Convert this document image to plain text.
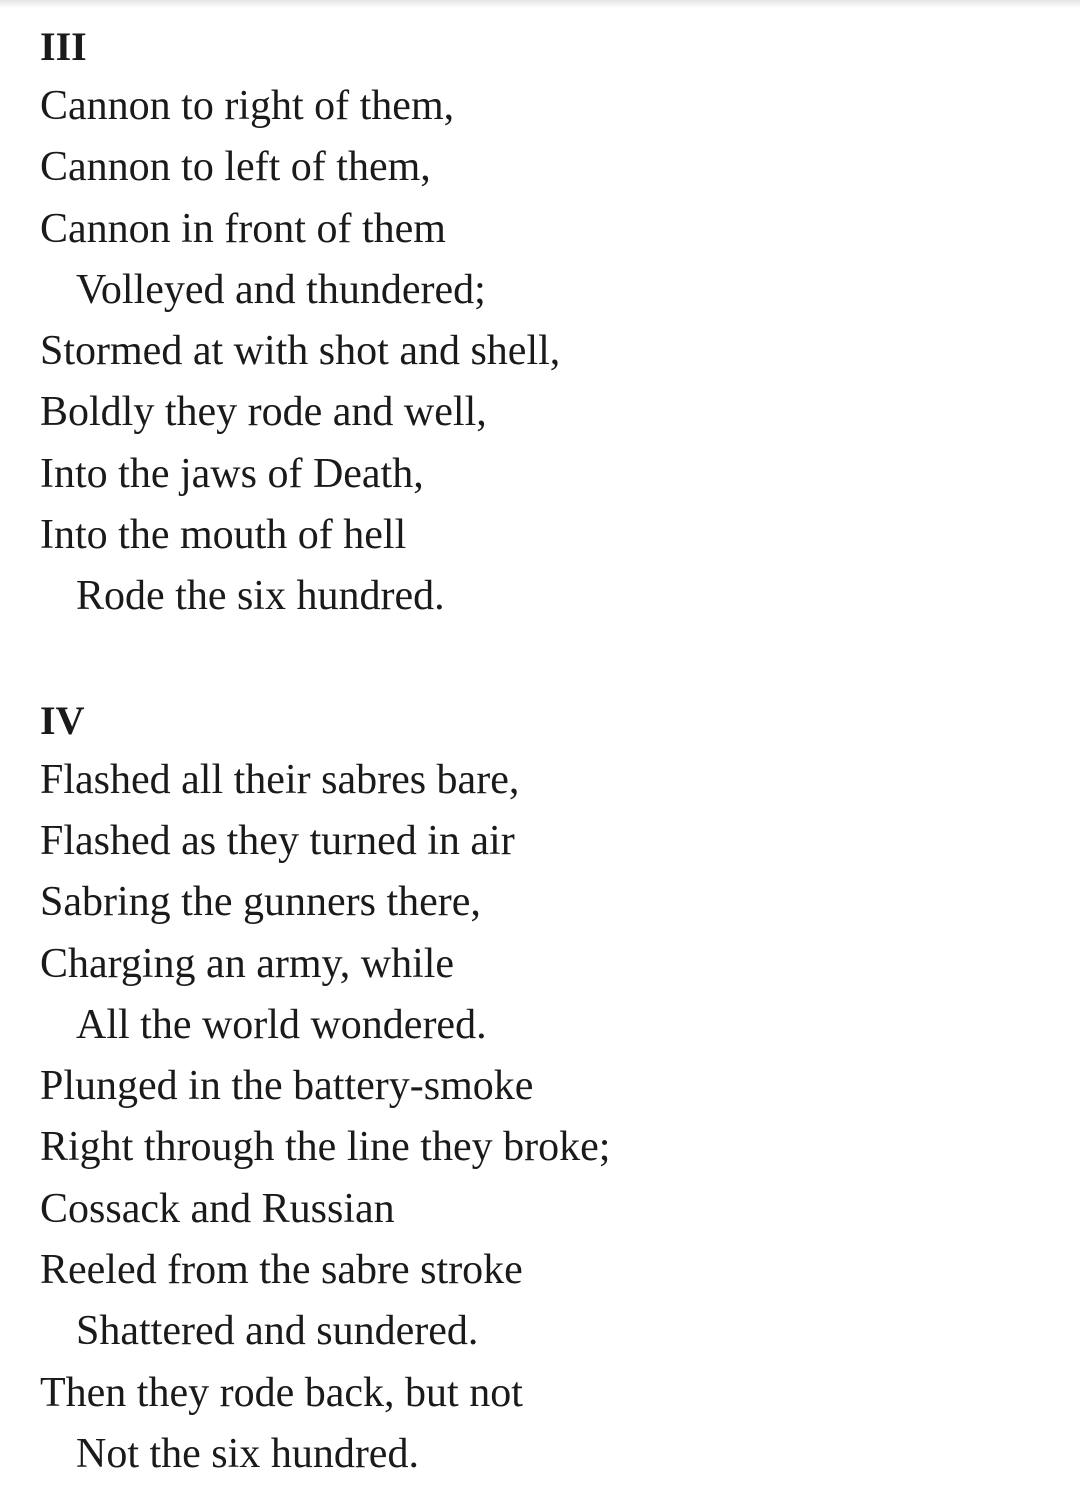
III
Cannon to right of them,
Cannon to left of them,
Cannon in front of them
Volleyed and thundered;
Stormed at with shot and shell,
Boldly they rode and well,
Into the jaws of Death,
Into the mouth of hell
Rode the six hundred.
IV
Flashed all their sabres bare,
Flashed as they turned in air
Sabring the gunners there,
Charging an army, while
All the world wondered.
Plunged in the battery-smoke
Right through the line they broke;
Cossack and Russian
Reeled from the sabre stroke
Shattered and sundered.
Then they rode back, but not
Not the six hundred.
